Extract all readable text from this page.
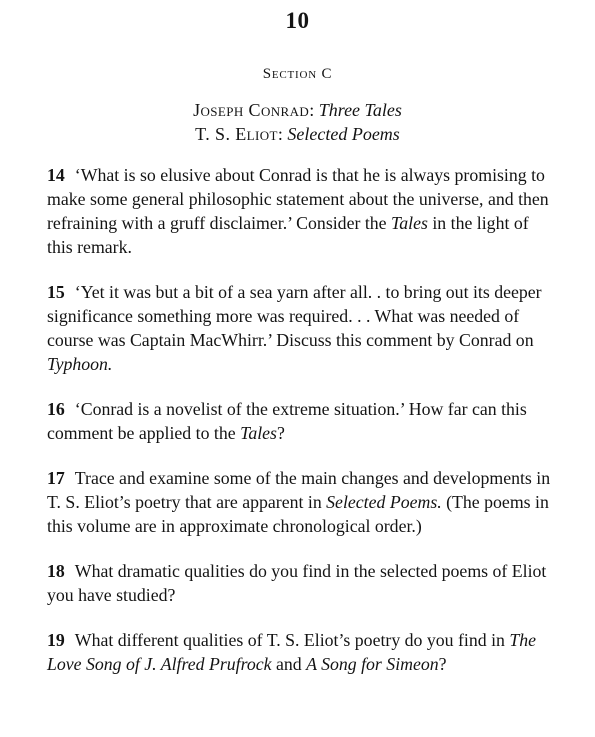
10
Section C
Joseph Conrad: Three Tales
T. S. Eliot: Selected Poems

14 ‘What is so elusive about Conrad is that he is always promising to make some general philosophic statement about the universe, and then refraining with a gruff disclaimer.’ Consider the Tales in the light of this remark.

15 ‘Yet it was but a bit of a sea yarn after all. . to bring out its deeper significance something more was required. . . What was needed of course was Captain MacWhirr.’ Discuss this comment by Conrad on Typhoon.

16 ‘Conrad is a novelist of the extreme situation.’ How far can this comment be applied to the Tales?

17 Trace and examine some of the main changes and developments in T. S. Eliot’s poetry that are apparent in Selected Poems. (The poems in this volume are in approximate chronological order.)

18 What dramatic qualities do you find in the selected poems of Eliot you have studied?

19 What different qualities of T. S. Eliot’s poetry do you find in The Love Song of J. Alfred Prufrock and A Song for Simeon?
